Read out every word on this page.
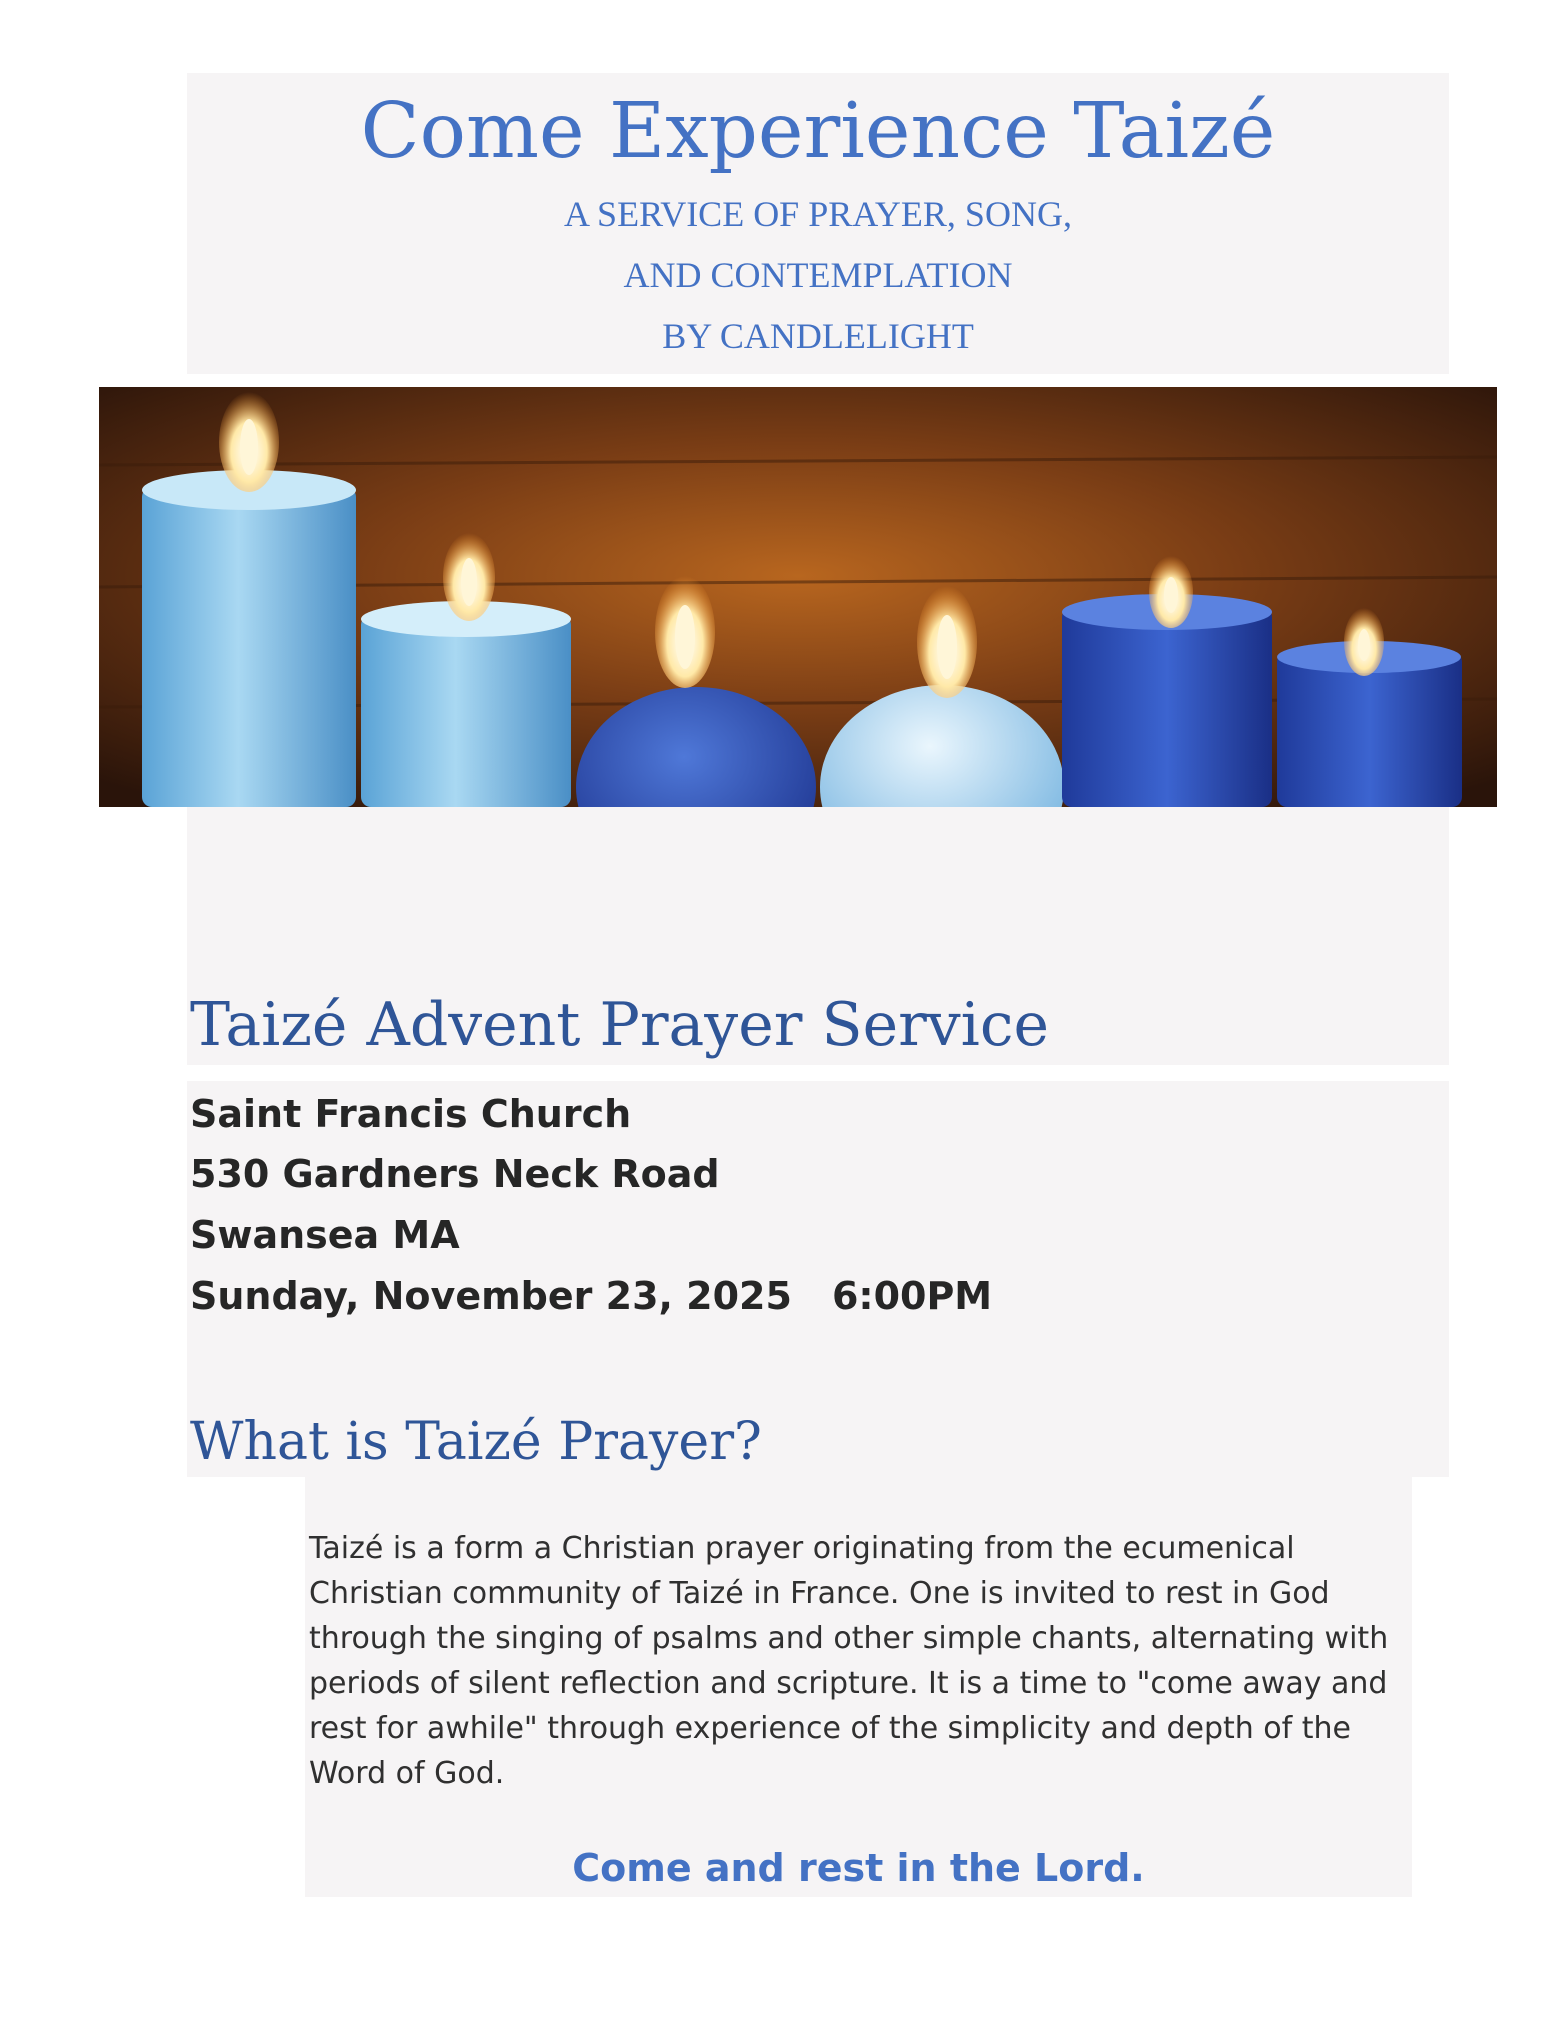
Come Experience Taizé
A SERVICE OF PRAYER, SONG,
AND CONTEMPLATION
BY CANDLELIGHT
Taizé Advent Prayer Service
Saint Francis Church
530 Gardners Neck Road
Swansea MA
Sunday, November 23, 2025 6:00PM
What is Taizé Prayer?

Taizé is a form a Christian prayer originating from the ecumenical Christian community of Taizé in France. One is invited to rest in God through the singing of psalms and other simple chants, alternating with periods of silent reflection and scripture. It is a time to "come away and rest for awhile" through experience of the simplicity and depth of the Word of God.

Come and rest in the Lord.
